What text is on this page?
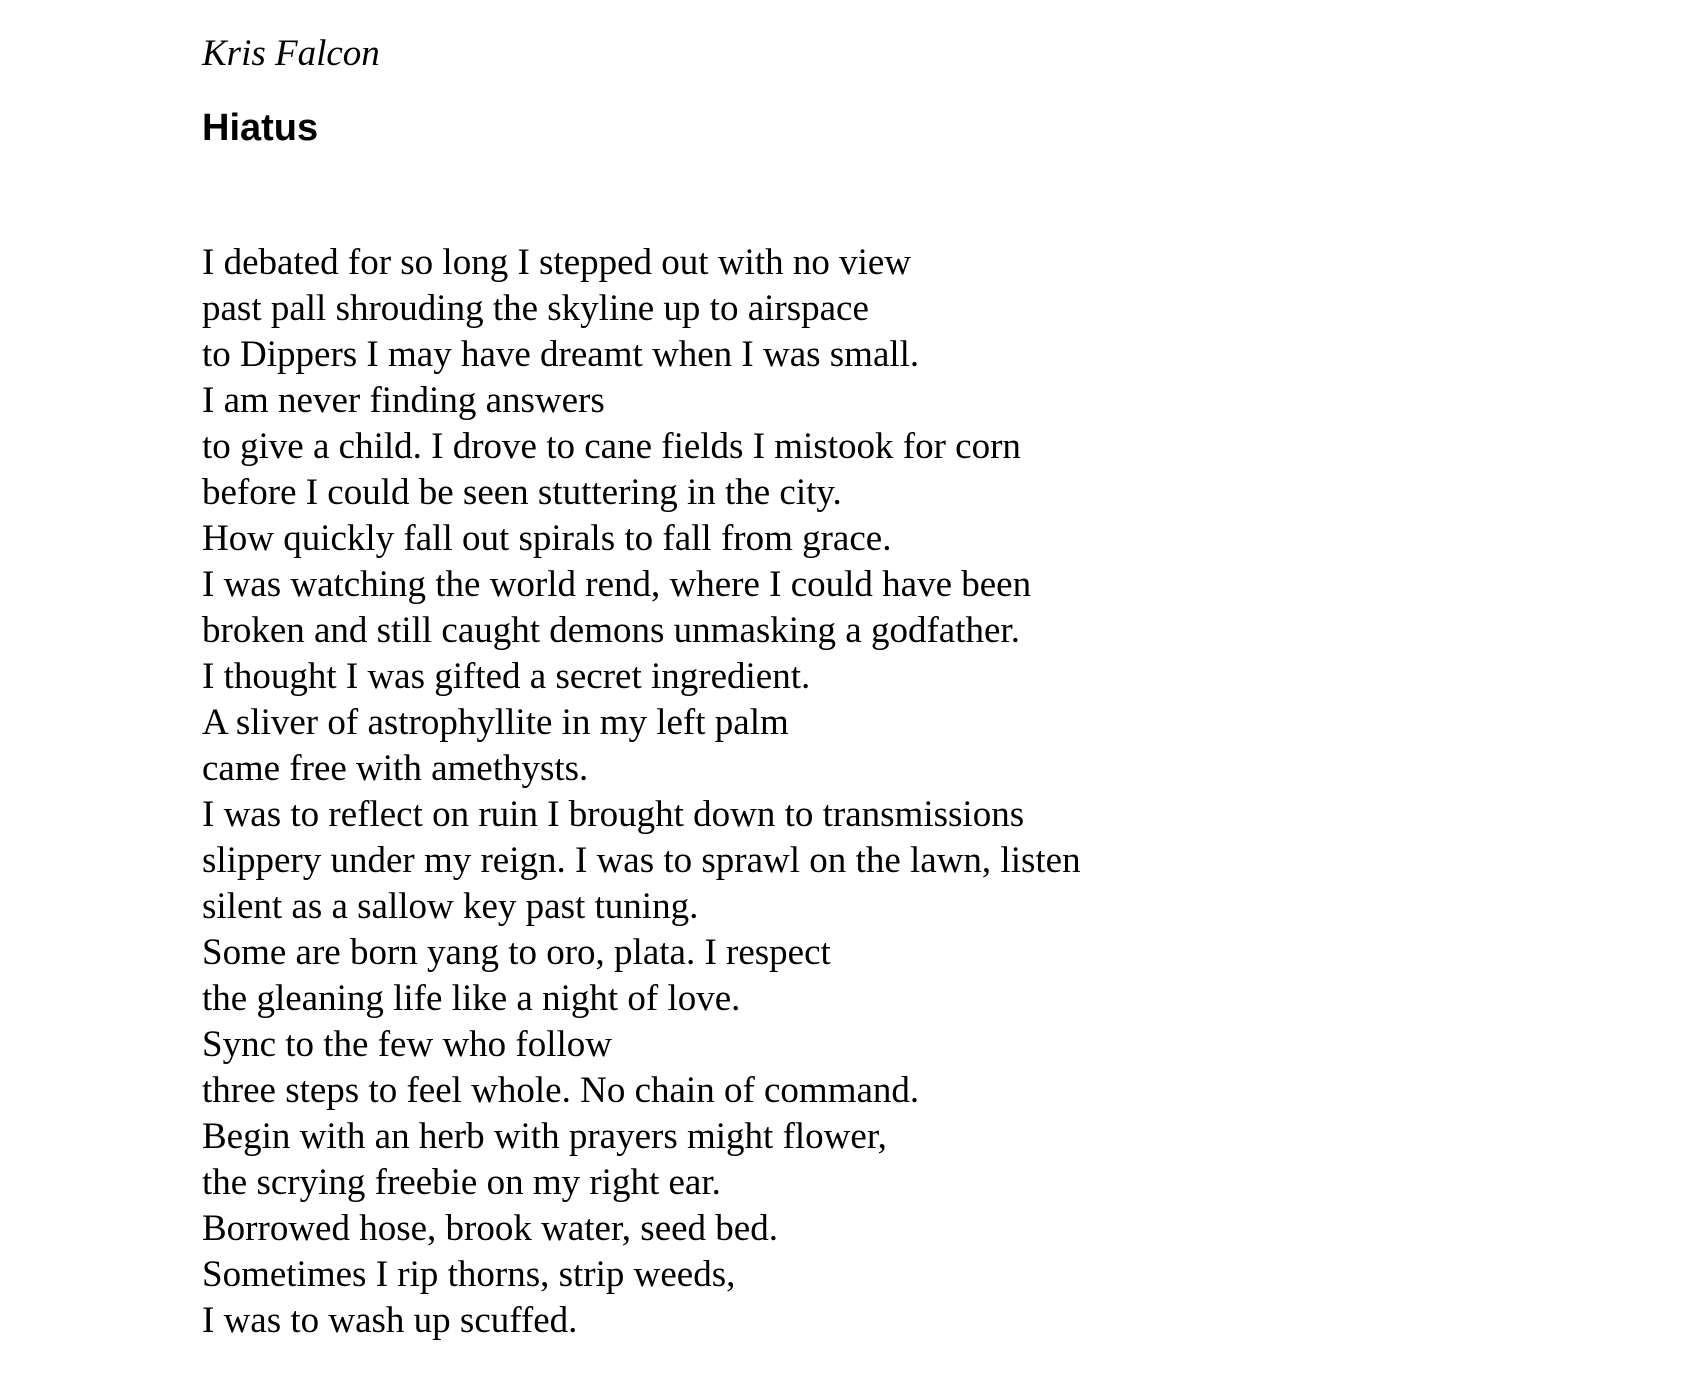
Kris Falcon

Hiatus
I debated for so long I stepped out with no view
past pall shrouding the skyline up to airspace
to Dippers I may have dreamt when I was small.
I am never finding answers
to give a child. I drove to cane fields I mistook for corn
before I could be seen stuttering in the city.
How quickly fall out spirals to fall from grace.
I was watching the world rend, where I could have been
broken and still caught demons unmasking a godfather.
I thought I was gifted a secret ingredient.
A sliver of astrophyllite in my left palm
came free with amethysts.
I was to reflect on ruin I brought down to transmissions
slippery under my reign. I was to sprawl on the lawn, listen
silent as a sallow key past tuning.
Some are born yang to oro, plata. I respect
the gleaning life like a night of love.
Sync to the few who follow
three steps to feel whole. No chain of command.
Begin with an herb with prayers might flower,
the scrying freebie on my right ear.
Borrowed hose, brook water, seed bed.
Sometimes I rip thorns, strip weeds,
I was to wash up scuffed.
